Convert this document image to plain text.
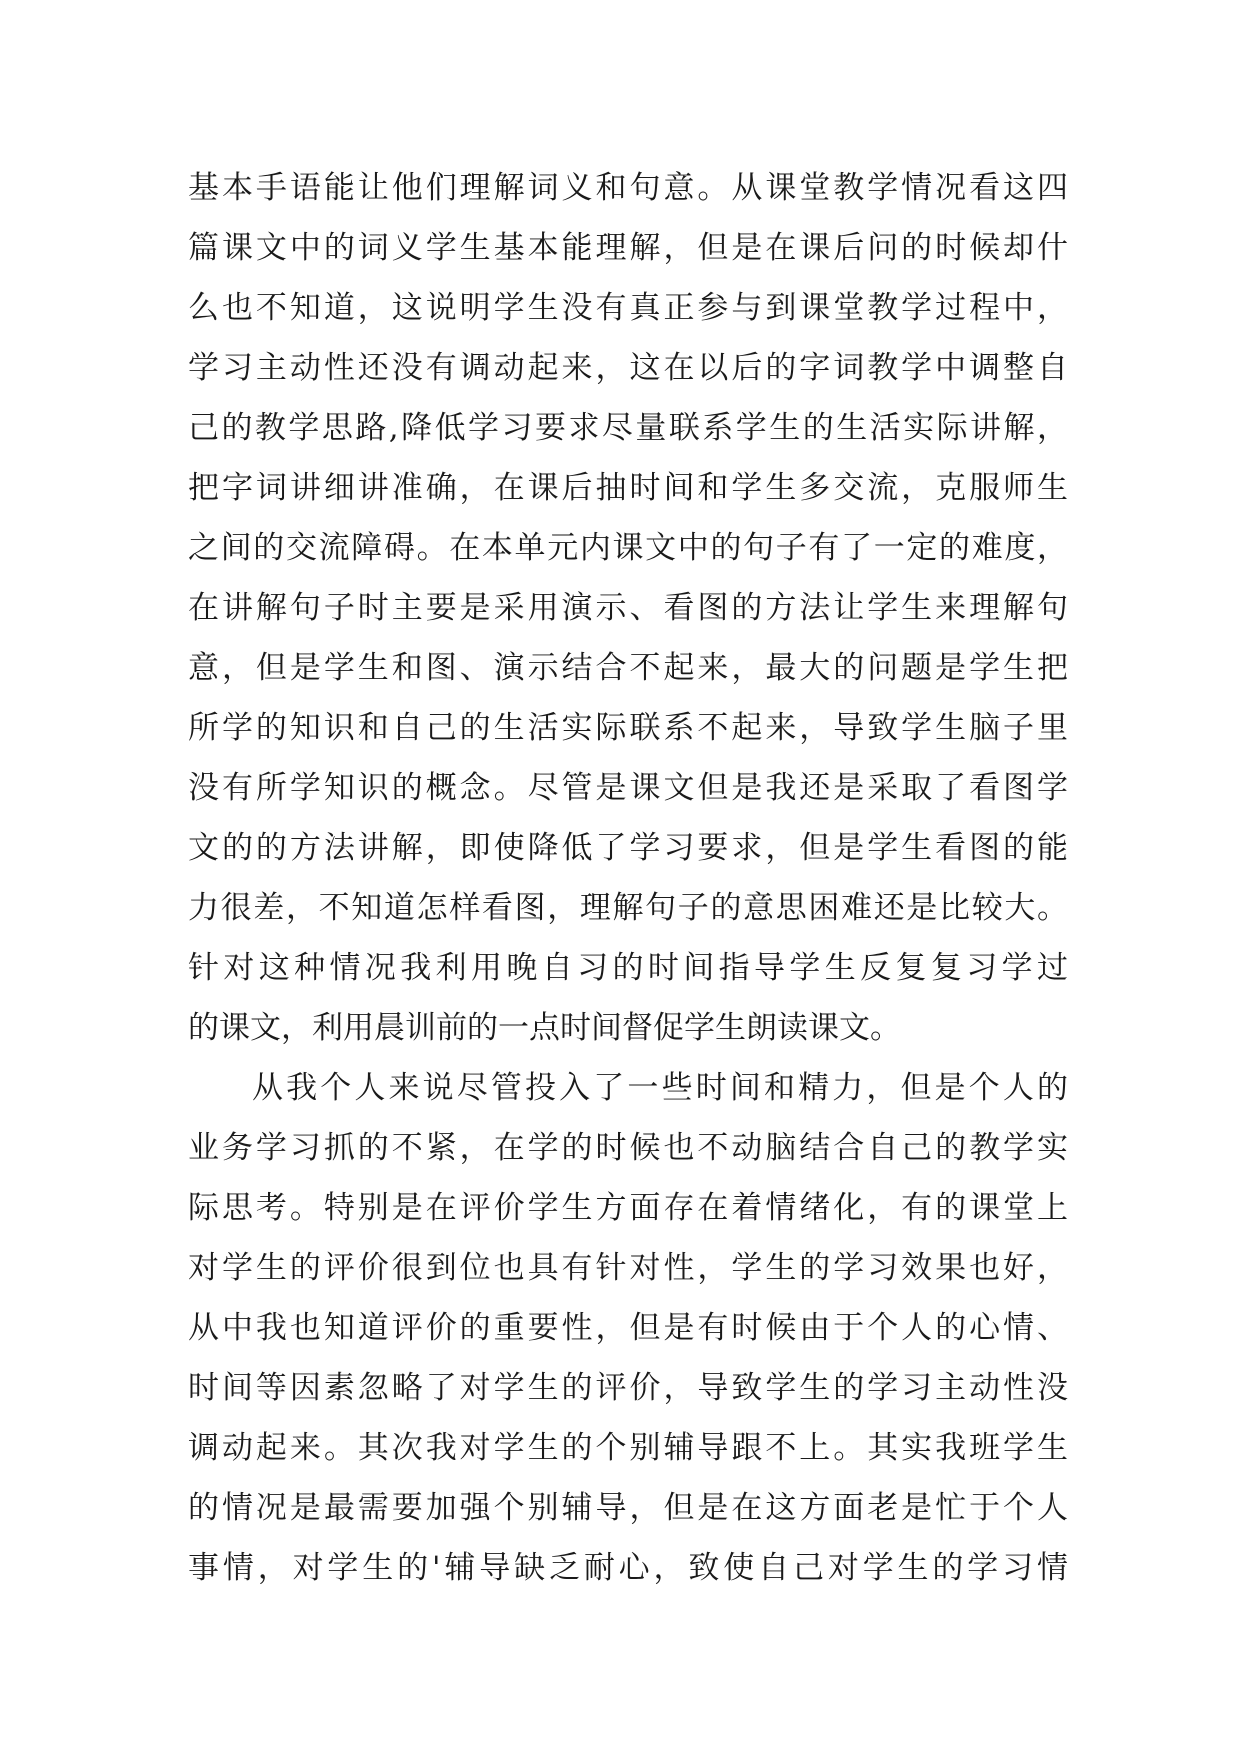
基本手语能让他们理解词义和句意。从课堂教学情况看这四
篇课文中的词义学生基本能理解，但是在课后问的时候却什
么也不知道，这说明学生没有真正参与到课堂教学过程中，
学习主动性还没有调动起来，这在以后的字词教学中调整自
己的教学思路,降低学习要求尽量联系学生的生活实际讲解，
把字词讲细讲准确，在课后抽时间和学生多交流，克服师生
之间的交流障碍。在本单元内课文中的句子有了一定的难度，
在讲解句子时主要是采用演示、看图的方法让学生来理解句
意，但是学生和图、演示结合不起来，最大的问题是学生把
所学的知识和自己的生活实际联系不起来，导致学生脑子里
没有所学知识的概念。尽管是课文但是我还是采取了看图学
文的的方法讲解，即使降低了学习要求，但是学生看图的能
力很差，不知道怎样看图，理解句子的意思困难还是比较大。
针对这种情况我利用晚自习的时间指导学生反复复习学过
的课文，利用晨训前的一点时间督促学生朗读课文。
从我个人来说尽管投入了一些时间和精力，但是个人的
业务学习抓的不紧，在学的时候也不动脑结合自己的教学实
际思考。特别是在评价学生方面存在着情绪化，有的课堂上
对学生的评价很到位也具有针对性，学生的学习效果也好，
从中我也知道评价的重要性，但是有时候由于个人的心情、
时间等因素忽略了对学生的评价，导致学生的学习主动性没
调动起来。其次我对学生的个别辅导跟不上。其实我班学生
的情况是最需要加强个别辅导，但是在这方面老是忙于个人
事情，对学生的'辅导缺乏耐心，致使自己对学生的学习情
